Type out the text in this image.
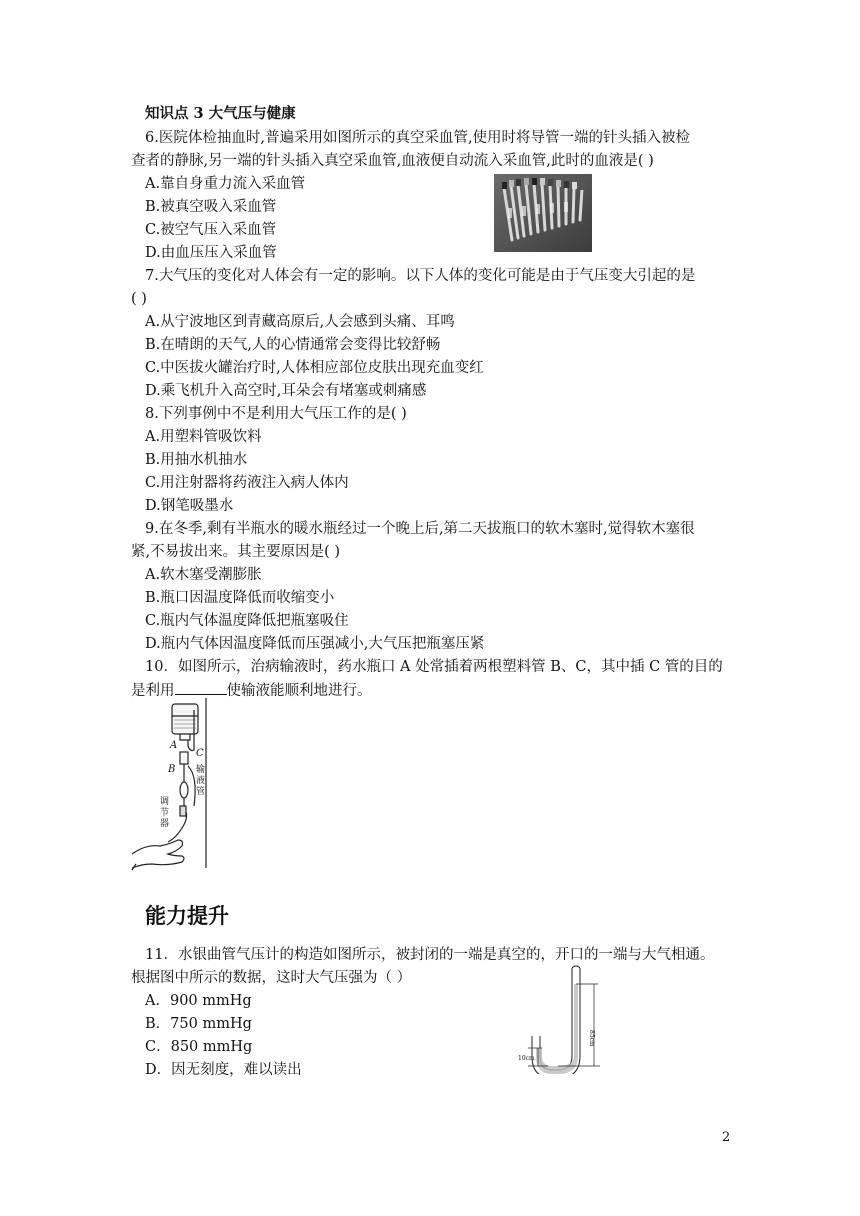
知识点 3 大气压与健康
6.医院体检抽血时,普遍采用如图所示的真空采血管,使用时将导管一端的针头插入被检
查者的静脉,另一端的针头插入真空采血管,血液便自动流入采血管,此时的血液是( )
A.靠自身重力流入采血管
B.被真空吸入采血管
C.被空气压入采血管
D.由血压压入采血管
7.大气压的变化对人体会有一定的影响。以下人体的变化可能是由于气压变大引起的是
( )
A.从宁波地区到青藏高原后,人会感到头痛、耳鸣
B.在晴朗的天气,人的心情通常会变得比较舒畅
C.中医拔火罐治疗时,人体相应部位皮肤出现充血变红
D.乘飞机升入高空时,耳朵会有堵塞或刺痛感
8.下列事例中不是利用大气压工作的是( )
A.用塑料管吸饮料
B.用抽水机抽水
C.用注射器将药液注入病人体内
D.钢笔吸墨水
9.在冬季,剩有半瓶水的暖水瓶经过一个晚上后,第二天拔瓶口的软木塞时,觉得软木塞很
紧,不易拔出来。其主要原因是( )
A.软木塞受潮膨胀
B.瓶口因温度降低而收缩变小
C.瓶内气体温度降低把瓶塞吸住
D.瓶内气体因温度降低而压强减小,大气压把瓶塞压紧
10．如图所示，治病输液时，药水瓶口 A 处常插着两根塑料管 B、C，其中插 C 管的目的
是利用	使输液能顺利地进行。
A
C
B 输
液
管
调
节
器
能力提升
11．水银曲管气压计的构造如图所示，被封闭的一端是真空的，开口的一端与大气相通。
根据图中所示的数据，这时大气压强为（ ）
A．900 mmHg
B．750 mmHg
C．850 mmHg
D．因无刻度，难以读出
85cm
10cm
2
